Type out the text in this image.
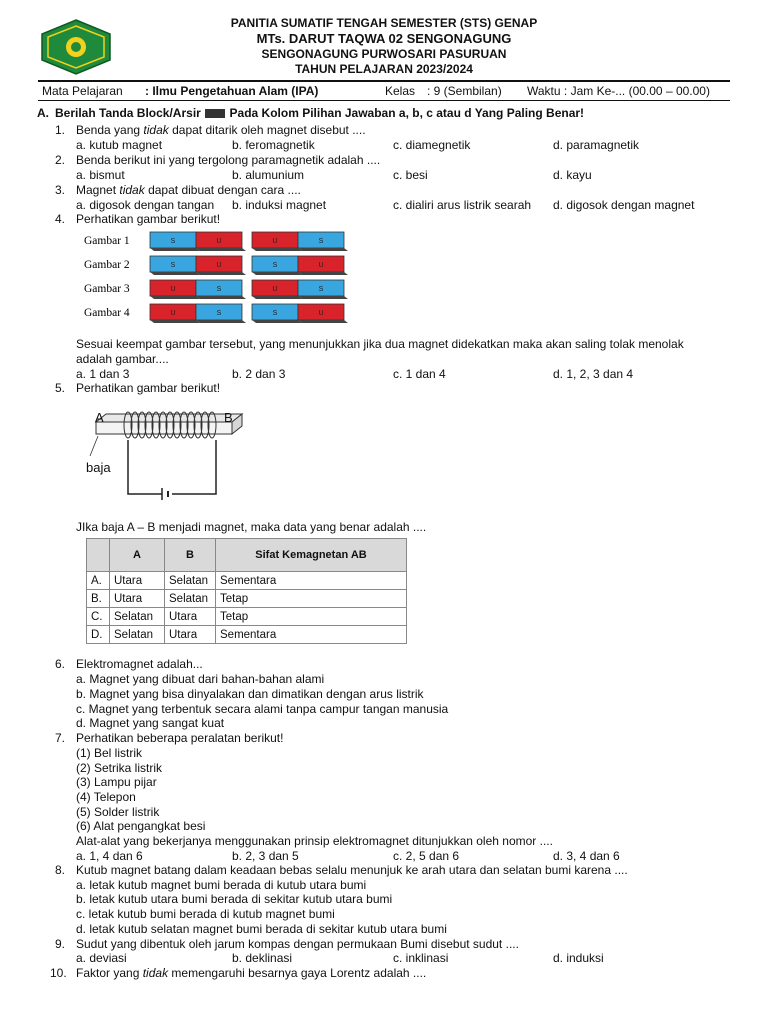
PANITIA SUMATIF TENGAH SEMESTER (STS) GENAP
MTs. DARUT TAQWA 02 SENGONAGUNG
SENGONAGUNG PURWOSARI PASURUAN
TAHUN PELAJARAN 2023/2024
Mata Pelajaran : Ilmu Pengetahuan Alam (IPA)	Kelas : 9 (Sembilan) Waktu : Jam Ke-... (00.00 – 00.00)
A. Berilah Tanda Block/Arsir Pada Kolom Pilihan Jawaban a, b, c atau d Yang Paling Benar!
1. Benda yang tidak dapat ditarik oleh magnet disebut ....
a. kutub magnet	b. feromagnetik	c. diamegnetik	d. paramagnetik
2. Benda berikut ini yang tergolong paramagnetik adalah ....
a. bismut	b. alumunium	c. besi	d. kayu
3. Magnet tidak dapat dibuat dengan cara ....
a. digosok dengan tangan b. induksi magnet	c. dialiri arus listrik searah d. digosok dengan magnet
4. Perhatikan gambar berikut!
Gambar 1	S	U	U	S
Gambar 2	S	U	S	U
Gambar 3	U	S	U	S
Gambar 4	U	S	S	U
Sesuai keempat gambar tersebut, yang menunjukkan jika dua magnet didekatkan maka akan saling tolak menolak
adalah gambar....
a. 1 dan 3	b. 2 dan 3	c. 1 dan 4	d. 1, 2, 3 dan 4
5. Perhatikan gambar berikut!
A	B
baja
JIka baja A – B menjadi magnet, maka data yang benar adalah ....
	A	B	Sifat Kemagnetan AB
A.	Utara	Selatan	Sementara
B.	Utara	Selatan	Tetap
C.	Selatan	Utara	Tetap
D.	Selatan	Utara	Sementara
6. Elektromagnet adalah...
a. Magnet yang dibuat dari bahan-bahan alami
b. Magnet yang bisa dinyalakan dan dimatikan dengan arus listrik
c. Magnet yang terbentuk secara alami tanpa campur tangan manusia
d. Magnet yang sangat kuat
7. Perhatikan beberapa peralatan berikut!
(1) Bel listrik
(2) Setrika listrik
(3) Lampu pijar
(4) Telepon
(5) Solder listrik
(6) Alat pengangkat besi
Alat-alat yang bekerjanya menggunakan prinsip elektromagnet ditunjukkan oleh nomor ....
a. 1, 4 dan 6	b. 2, 3 dan 5	c. 2, 5 dan 6	d. 3, 4 dan 6
8. Kutub magnet batang dalam keadaan bebas selalu menunjuk ke arah utara dan selatan bumi karena ....
a. letak kutub magnet bumi berada di kutub utara bumi
b. letak kutub utara bumi berada di sekitar kutub utara bumi
c. letak kutub bumi berada di kutub magnet bumi
d. letak kutub selatan magnet bumi berada di sekitar kutub utara bumi
9. Sudut yang dibentuk oleh jarum kompas dengan permukaan Bumi disebut sudut ....
a. deviasi	b. deklinasi	c. inklinasi	d. induksi
10. Faktor yang tidak memengaruhi besarnya gaya Lorentz adalah ....
